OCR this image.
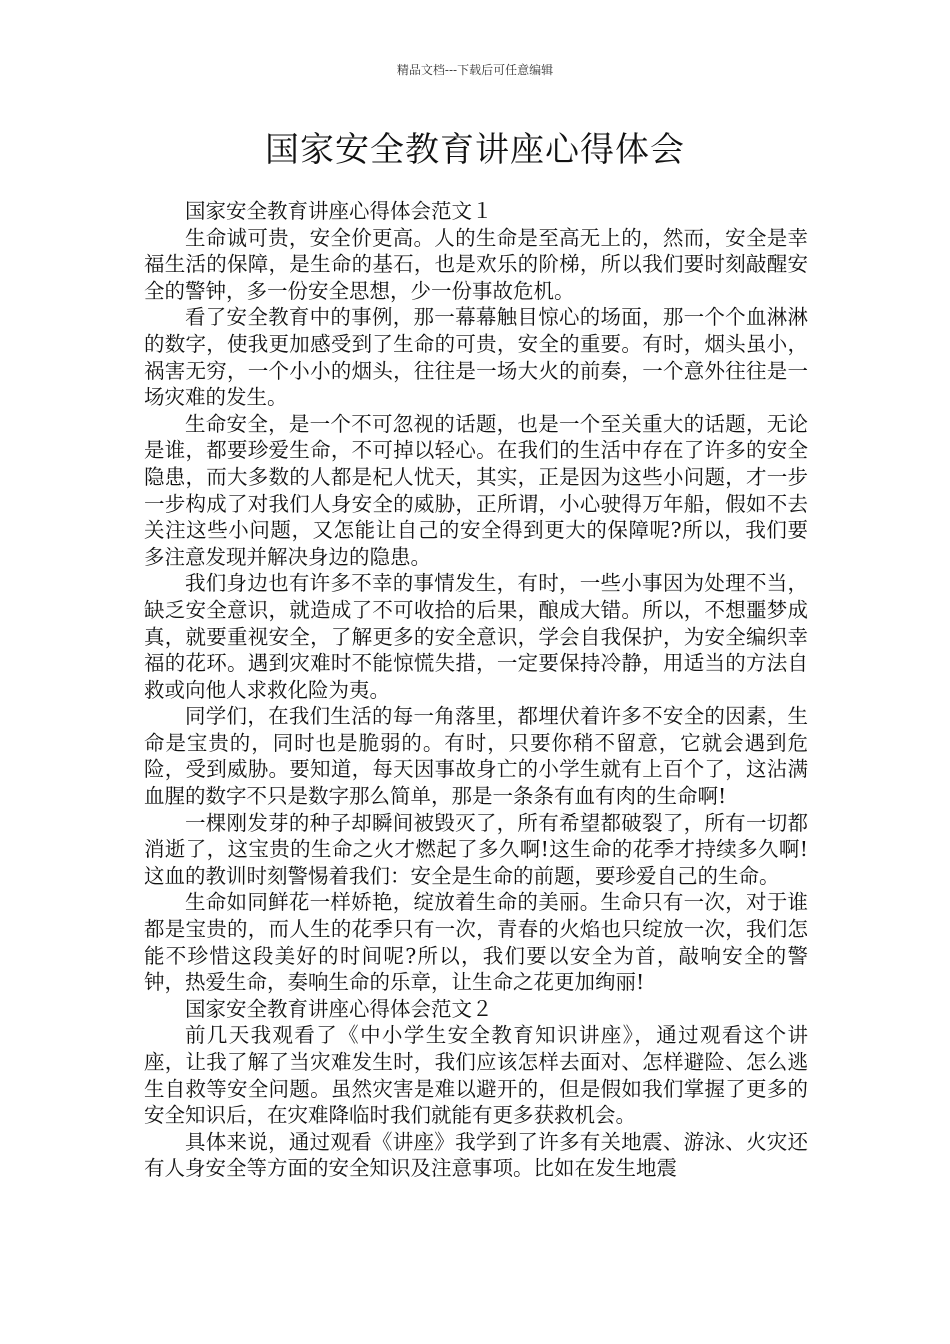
精品文档---下载后可任意编辑
国家安全教育讲座心得体会

国家安全教育讲座心得体会范文１

生命诚可贵，安全价更高。人的生命是至高无上的，然而，安全是幸福生活的保障，是生命的基石，也是欢乐的阶梯，所以我们要时刻敲醒安全的警钟，多一份安全思想，少一份事故危机。

看了安全教育中的事例，那一幕幕触目惊心的场面，那一个个血淋淋的数字，使我更加感受到了生命的可贵，安全的重要。有时，烟头虽小，祸害无穷，一个小小的烟头，往往是一场大火的前奏，一个意外往往是一场灾难的发生。

生命安全，是一个不可忽视的话题，也是一个至关重大的话题，无论是谁，都要珍爱生命，不可掉以轻心。在我们的生活中存在了许多的安全隐患，而大多数的人都是杞人忧天，其实，正是因为这些小问题，才一步一步构成了对我们人身安全的威胁，正所谓，小心驶得万年船，假如不去关注这些小问题，又怎能让自己的安全得到更大的保障呢?所以，我们要多注意发现并解决身边的隐患。

我们身边也有许多不幸的事情发生，有时，一些小事因为处理不当，缺乏安全意识，就造成了不可收拾的后果，酿成大错。所以，不想噩梦成真，就要重视安全，了解更多的安全意识，学会自我保护，为安全编织幸福的花环。遇到灾难时不能惊慌失措，一定要保持冷静，用适当的方法自救或向他人求救化险为夷。

同学们，在我们生活的每一角落里，都埋伏着许多不安全的因素，生命是宝贵的，同时也是脆弱的。有时，只要你稍不留意，它就会遇到危险，受到威胁。要知道，每天因事故身亡的小学生就有上百个了，这沾满血腥的数字不只是数字那么简单，那是一条条有血有肉的生命啊!

一棵刚发芽的种子却瞬间被毁灭了，所有希望都破裂了，所有一切都消逝了，这宝贵的生命之火才燃起了多久啊!这生命的花季才持续多久啊!这血的教训时刻警惕着我们：安全是生命的前题，要珍爱自己的生命。

生命如同鲜花一样娇艳，绽放着生命的美丽。生命只有一次，对于谁都是宝贵的，而人生的花季只有一次，青春的火焰也只绽放一次，我们怎能不珍惜这段美好的时间呢?所以，我们要以安全为首，敲响安全的警钟，热爱生命，奏响生命的乐章，让生命之花更加绚丽!

国家安全教育讲座心得体会范文２

前几天我观看了《中小学生安全教育知识讲座》，通过观看这个讲座，让我了解了当灾难发生时，我们应该怎样去面对、怎样避险、怎么逃生自救等安全问题。虽然灾害是难以避开的，但是假如我们掌握了更多的安全知识后，在灾难降临时我们就能有更多获救机会。

具体来说，通过观看《讲座》我学到了许多有关地震、游泳、火灾还有人身安全等方面的安全知识及注意事项。比如在发生地震
